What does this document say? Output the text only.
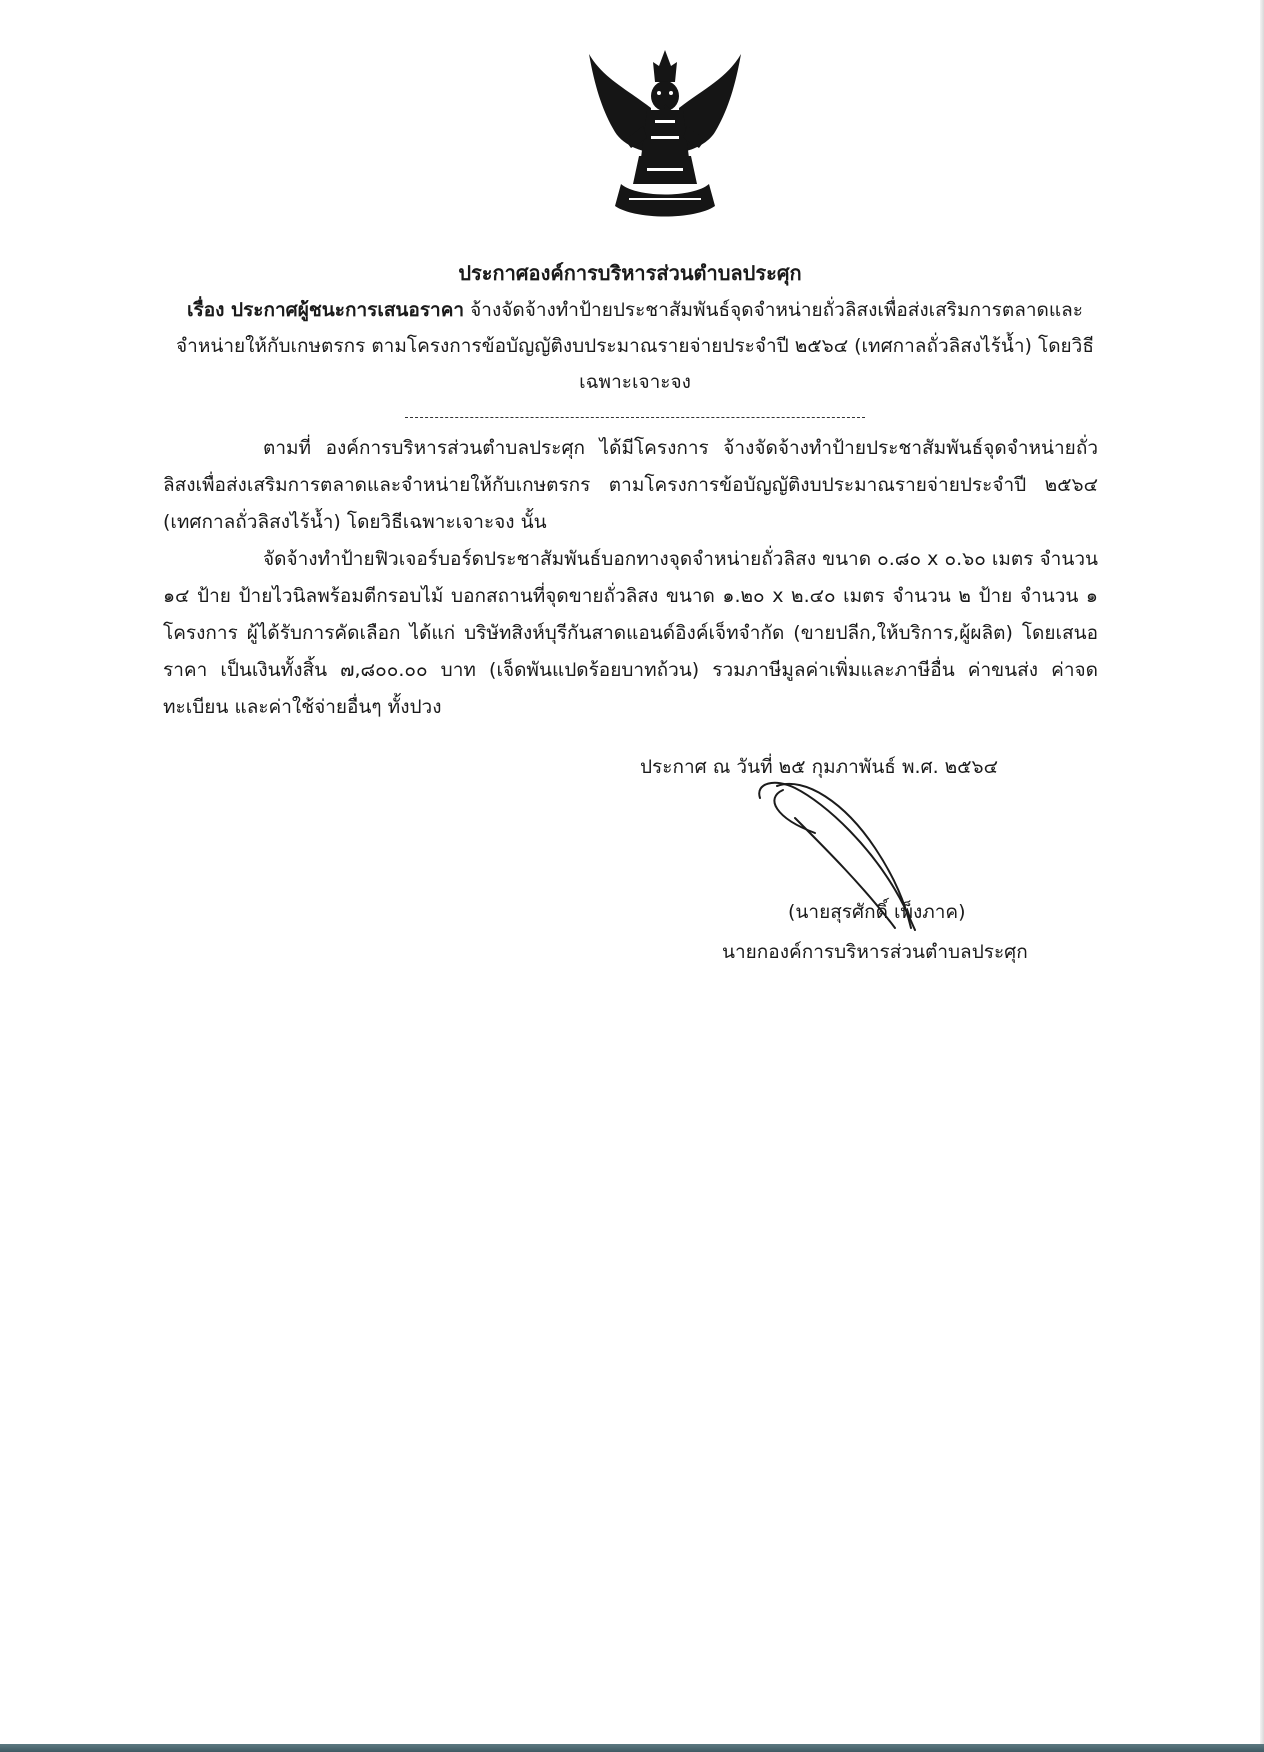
ประกาศองค์การบริหารส่วนตำบลประศุก
เรื่อง ประกาศผู้ชนะการเสนอราคา จ้างจัดจ้างทำป้ายประชาสัมพันธ์จุดจำหน่ายถั่วลิสงเพื่อส่งเสริมการตลาดและจำหน่ายให้กับเกษตรกร ตามโครงการข้อบัญญัติงบประมาณรายจ่ายประจำปี ๒๕๖๔ (เทศกาลถั่วลิสงไร้น้ำ) โดยวิธีเฉพาะเจาะจง

ตามที่ องค์การบริหารส่วนตำบลประศุก ได้มีโครงการ จ้างจัดจ้างทำป้ายประชาสัมพันธ์จุดจำหน่ายถั่วลิสงเพื่อส่งเสริมการตลาดและจำหน่ายให้กับเกษตรกร ตามโครงการข้อบัญญัติงบประมาณรายจ่ายประจำปี ๒๕๖๔ (เทศกาลถั่วลิสงไร้น้ำ) โดยวิธีเฉพาะเจาะจง นั้น

จัดจ้างทำป้ายฟิวเจอร์บอร์ดประชาสัมพันธ์บอกทางจุดจำหน่ายถั่วลิสง ขนาด ๐.๘๐ x ๐.๖๐ เมตร จำนวน ๑๔ ป้าย ป้ายไวนิลพร้อมตีกรอบไม้ บอกสถานที่จุดขายถั่วลิสง ขนาด ๑.๒๐ x ๒.๔๐ เมตร จำนวน ๒ ป้าย จำนวน ๑ โครงการ ผู้ได้รับการคัดเลือก ได้แก่ บริษัทสิงห์บุรีกันสาดแอนด์อิงค์เจ็ทจำกัด (ขายปลีก,ให้บริการ,ผู้ผลิต) โดยเสนอราคา เป็นเงินทั้งสิ้น ๗,๘๐๐.๐๐ บาท (เจ็ดพันแปดร้อยบาทถ้วน) รวมภาษีมูลค่าเพิ่มและภาษีอื่น ค่าขนส่ง ค่าจดทะเบียน และค่าใช้จ่ายอื่นๆ ทั้งปวง

ประกาศ ณ วันที่ ๒๕ กุมภาพันธ์ พ.ศ. ๒๕๖๔
(นายสุรศักดิ์ เพ็งภาค)
นายกองค์การบริหารส่วนตำบลประศุก
